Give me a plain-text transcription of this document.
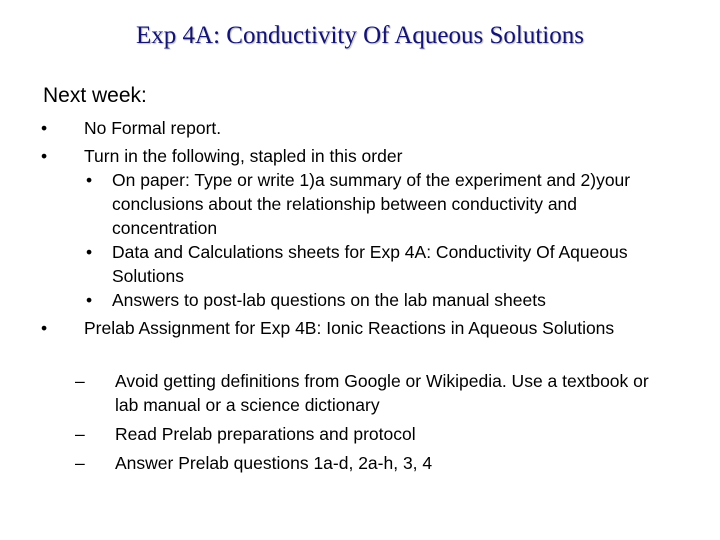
Exp 4A: Conductivity Of Aqueous Solutions
Next week:
• No Formal report.
• Turn in the following, stapled in this order
• On paper: Type or write 1)a summary of the experiment and 2)your conclusions about the relationship between conductivity and concentration
• Data and Calculations sheets for Exp 4A: Conductivity Of Aqueous Solutions
• Answers to post-lab questions on the lab manual sheets
• Prelab Assignment for Exp 4B: Ionic Reactions in Aqueous Solutions
– Avoid getting definitions from Google or Wikipedia. Use a textbook or lab manual or a science dictionary
– Read Prelab preparations and protocol
– Answer Prelab questions 1a-d, 2a-h, 3, 4
